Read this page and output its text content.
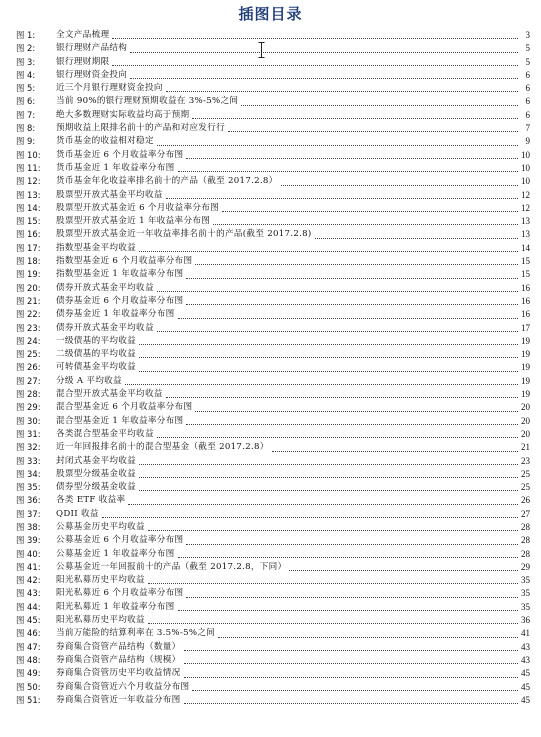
插图目录
图 1:	全文产品梳理	3
图 2:	银行理财产品结构	5
图 3:	银行理财期限	5
图 4:	银行理财资金投向	6
图 5:	近三个月银行理财资金投向	6
图 6:	当前 90%的银行理财预期收益在 3%-5%之间	6
图 7:	绝大多数理财实际收益均高于预期	6
图 8:	预期收益上限排名前十的产品和对应发行行	7
图 9:	货币基金的收益相对稳定	9
图 10:	货币基金近 6 个月收益率分布图	10
图 11:	货币基金近 1 年收益率分布图	10
图 12:	货币基金年化收益率排名前十的产品（截至 2017.2.8）	10
图 13:	股票型开放式基金平均收益	12
图 14:	股票型开放式基金近 6 个月收益率分布图	12
图 15:	股票型开放式基金近 1 年收益率分布图	13
图 16:	股票型开放式基金近一年收益率排名前十的产品(截至 2017.2.8)	13
图 17:	指数型基金平均收益	14
图 18:	指数型基金近 6 个月收益率分布图	15
图 19:	指数型基金近 1 年收益率分布图	15
图 20:	债券开放式基金平均收益	16
图 21:	债券基金近 6 个月收益率分布图	16
图 22:	债券基金近 1 年收益率分布图	16
图 23:	债券开放式基金平均收益	17
图 24:	一级债基的平均收益	19
图 25:	二级债基的平均收益	19
图 26:	可转债基金平均收益	19
图 27:	分级 A 平均收益	19
图 28:	混合型开放式基金平均收益	19
图 29:	混合型基金近 6 个月收益率分布图	20
图 30:	混合型基金近 1 年收益率分布图	20
图 31:	各类混合型基金平均收益	20
图 32:	近一年回报排名前十的混合型基金（截至 2017.2.8）	21
图 33:	封闭式基金平均收益	23
图 34:	股票型分级基金收益	25
图 35:	债券型分级基金收益	25
图 36:	各类 ETF 收益率	26
图 37:	QDII 收益	27
图 38:	公募基金历史平均收益	28
图 39:	公募基金近 6 个月收益率分布图	28
图 40:	公募基金近 1 年收益率分布图	28
图 41:	公募基金近一年回报前十的产品（截至 2017.2.8，下同）	29
图 42:	阳光私募历史平均收益	35
图 43:	阳光私募近 6 个月收益率分布图	35
图 44:	阳光私募近 1 年收益率分布图	35
图 45:	阳光私募历史平均收益	36
图 46:	当前万能险的结算利率在 3.5%-5%之间	41
图 47:	券商集合资管产品结构（数量）	43
图 48:	券商集合资管产品结构（规模）	43
图 49:	券商集合资管历史平均收益情况	45
图 50:	券商集合资管近六个月收益分布图	45
图 51:	券商集合资管近一年收益分布图	45
